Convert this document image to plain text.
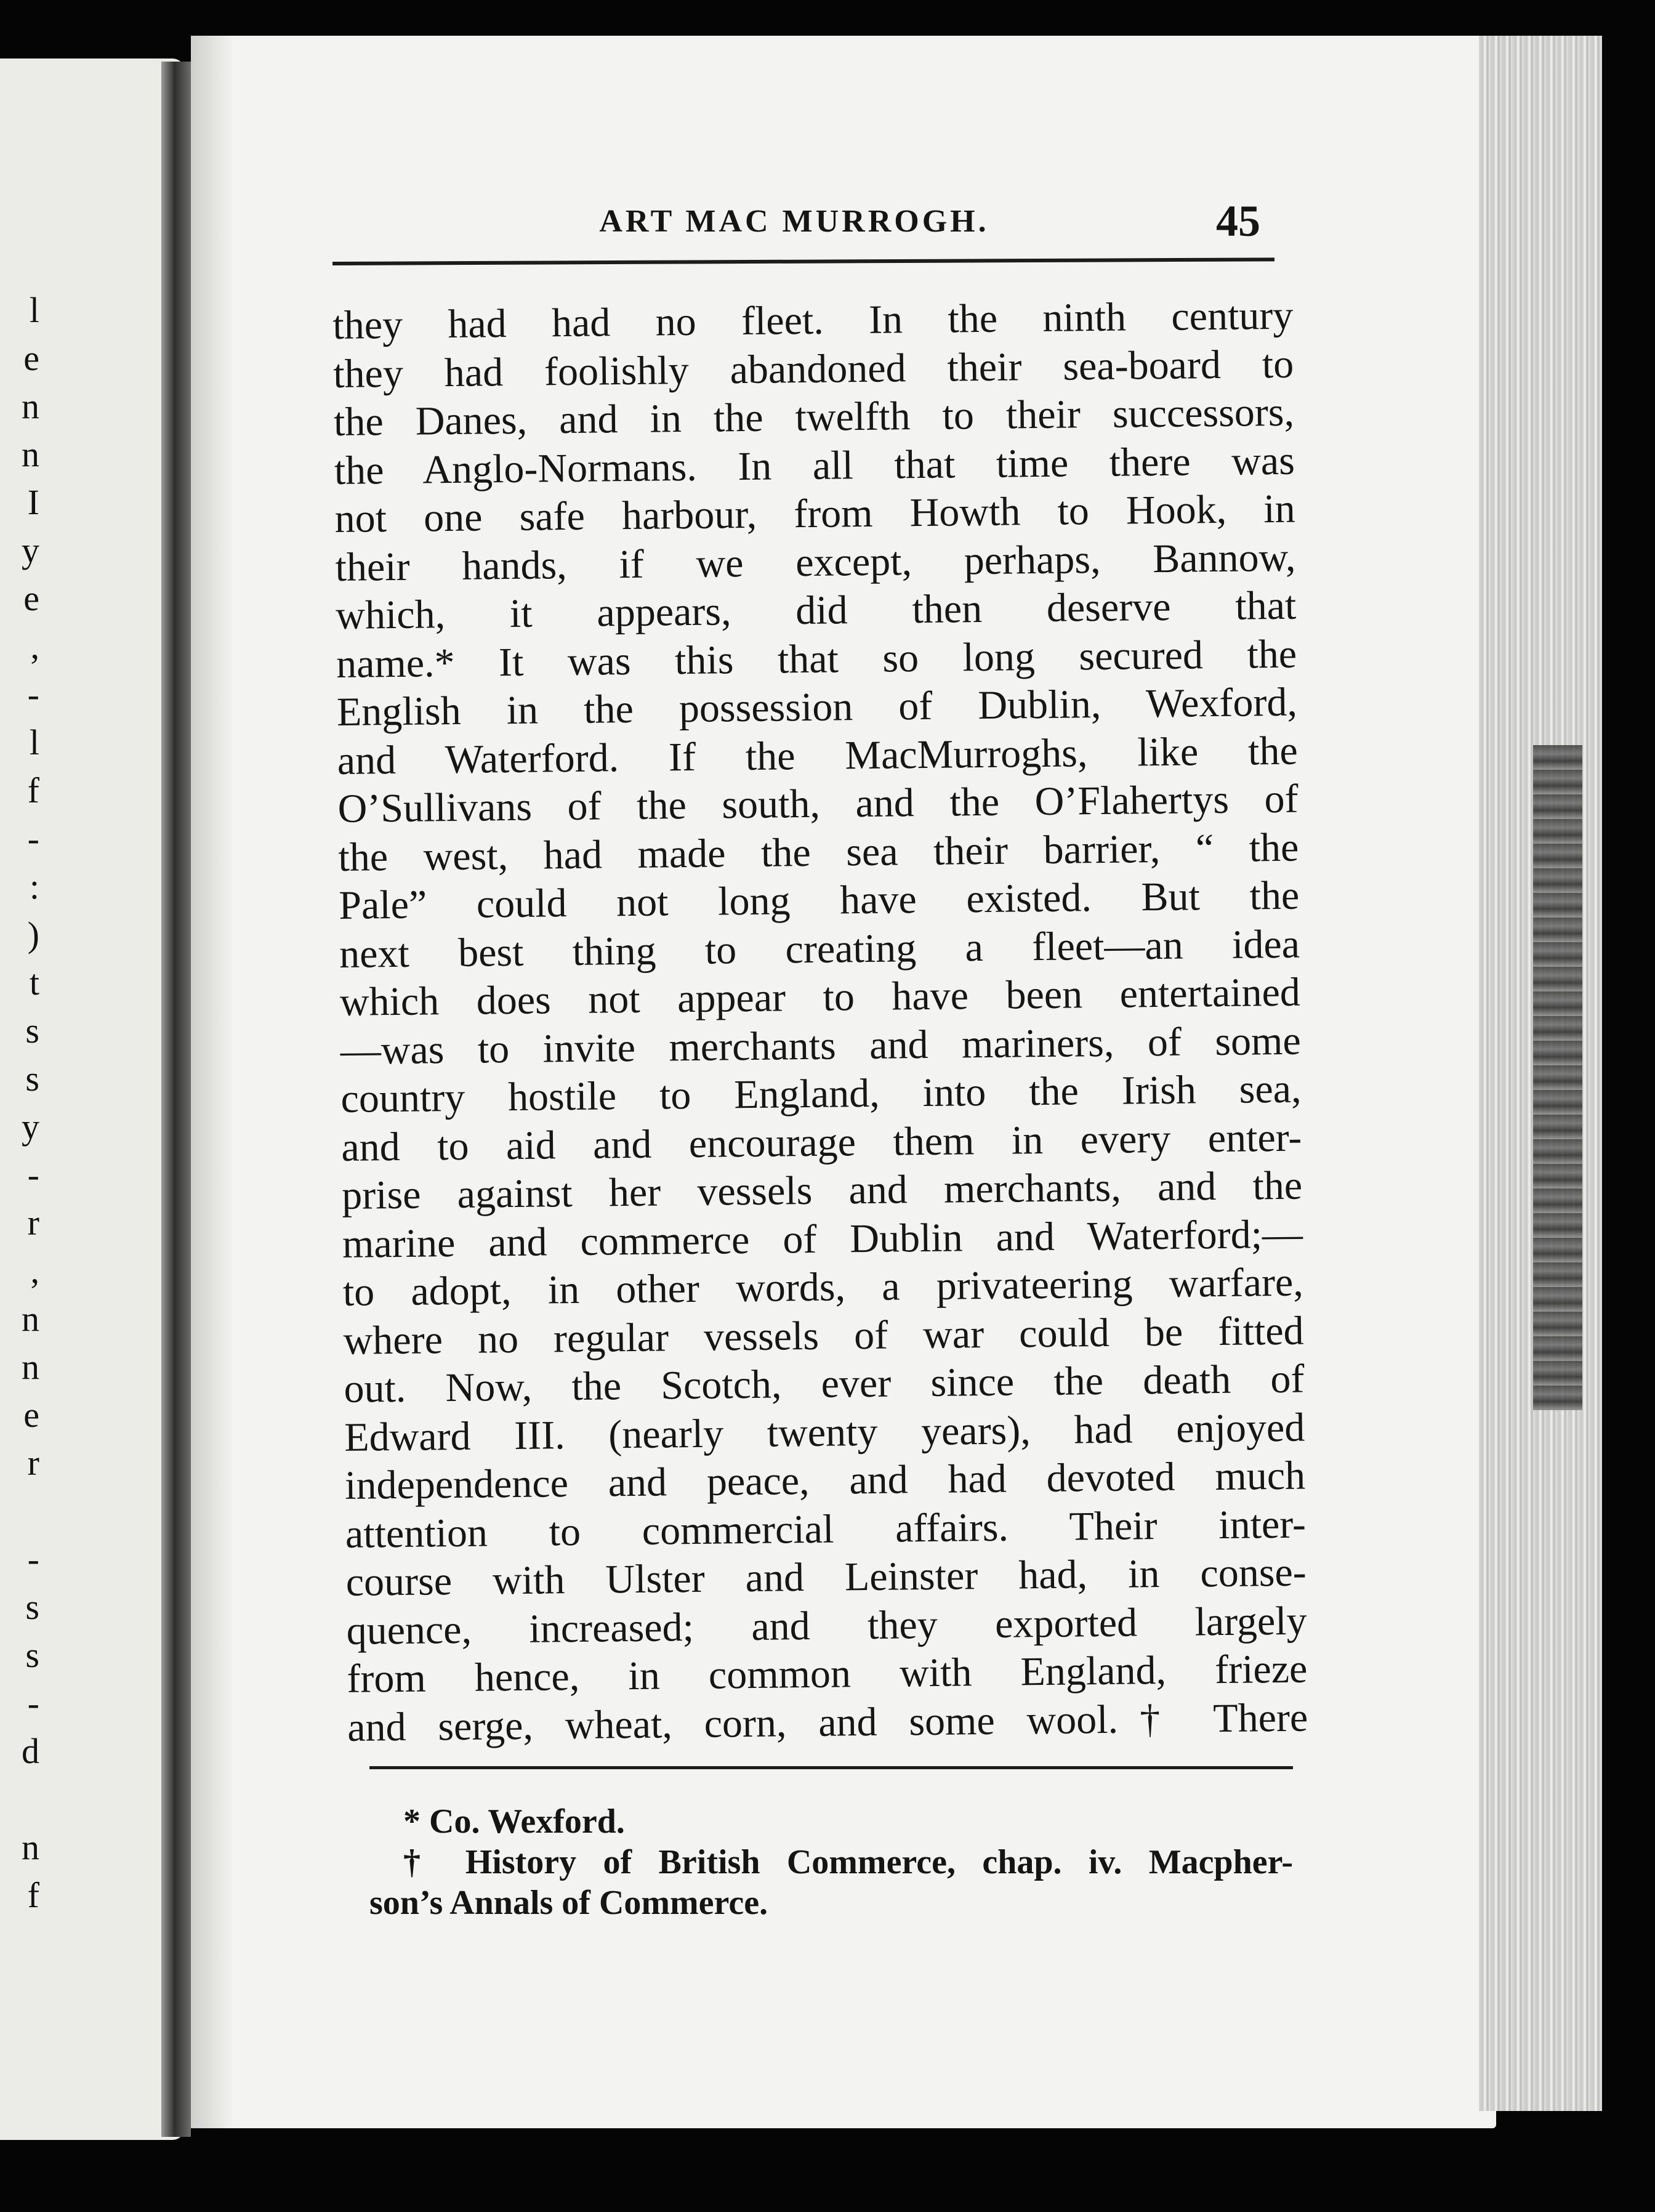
l
e
n
n
I
y
e
,
-
l
f
-
:
)
t
s
s
y
-
r
,
n
n
e
r
-
s
s
-
d
n
f
ART MAC MURROGH.	45
they had had no fleet. In the ninth century
they had foolishly abandoned their sea-board to
the Danes, and in the twelfth to their successors,
the Anglo-Normans. In all that time there was
not one safe harbour, from Howth to Hook, in
their hands, if we except, perhaps, Bannow,
which, it appears, did then deserve that
name.* It was this that so long secured the
English in the possession of Dublin, Wexford,
and Waterford. If the MacMurroghs, like the
O’Sullivans of the south, and the O’Flahertys of
the west, had made the sea their barrier, “ the
Pale” could not long have existed. But the
next best thing to creating a fleet—an idea
which does not appear to have been entertained
—was to invite merchants and mariners, of some
country hostile to England, into the Irish sea,
and to aid and encourage them in every enter-
prise against her vessels and merchants, and the
marine and commerce of Dublin and Waterford;—
to adopt, in other words, a privateering warfare,
where no regular vessels of war could be fitted
out. Now, the Scotch, ever since the death of
Edward III. (nearly twenty years), had enjoyed
independence and peace, and had devoted much
attention to commercial affairs. Their inter-
course with Ulster and Leinster had, in conse-
quence, increased; and they exported largely
from hence, in common with England, frieze
and serge, wheat, corn, and some wool.† There
* Co. Wexford.
† History of British Commerce, chap. iv. Macpher-
son’s Annals of Commerce.
